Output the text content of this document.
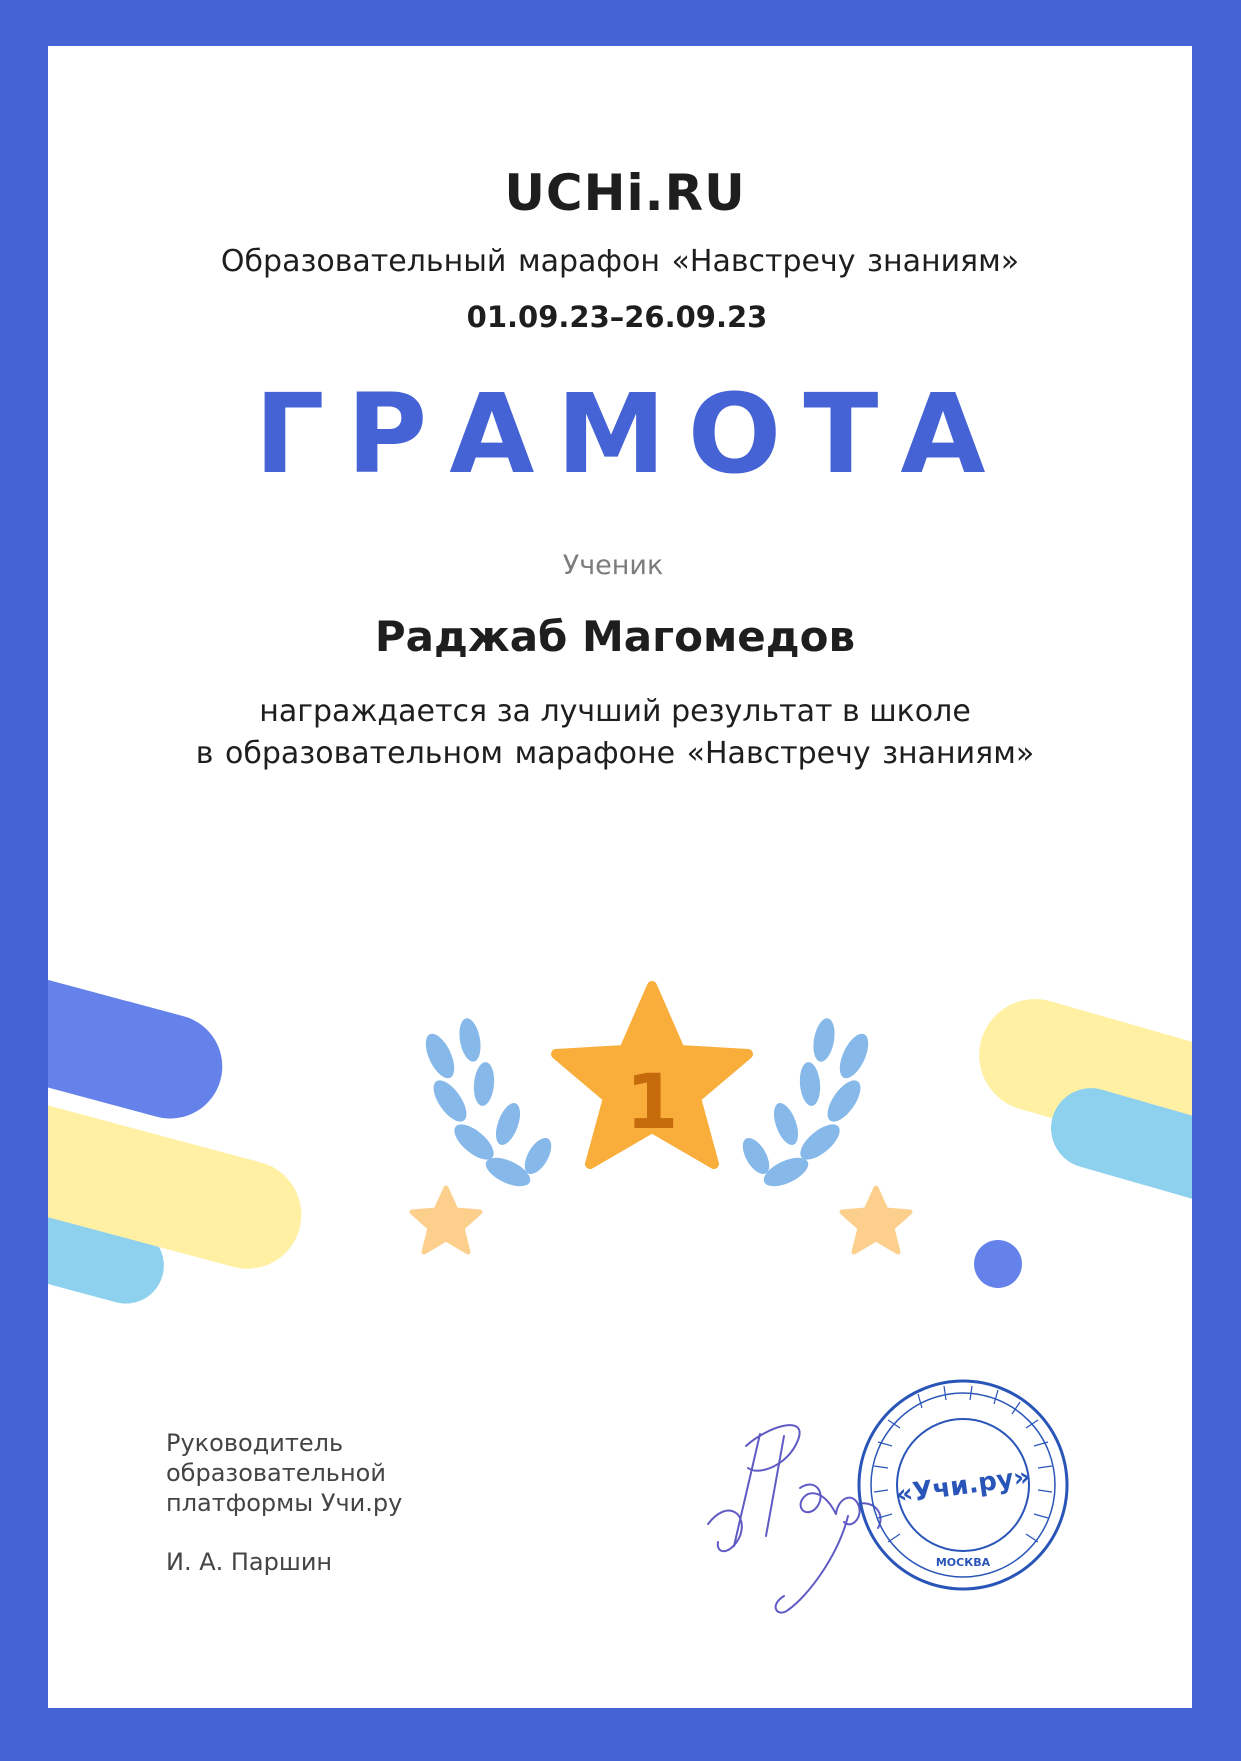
UCHi.RU
Образовательный марафон «Навстречу знаниям»
01.09.23–26.09.23
ГРАМОТА
Ученик
Раджаб Магомедов
награждается за лучший результат в школе
в образовательном марафоне «Навстречу знаниям»
1
Руководитель
образовательной
платформы Учи.ру
И. А. Паршин
«Учи.ру»
МОСКВА
